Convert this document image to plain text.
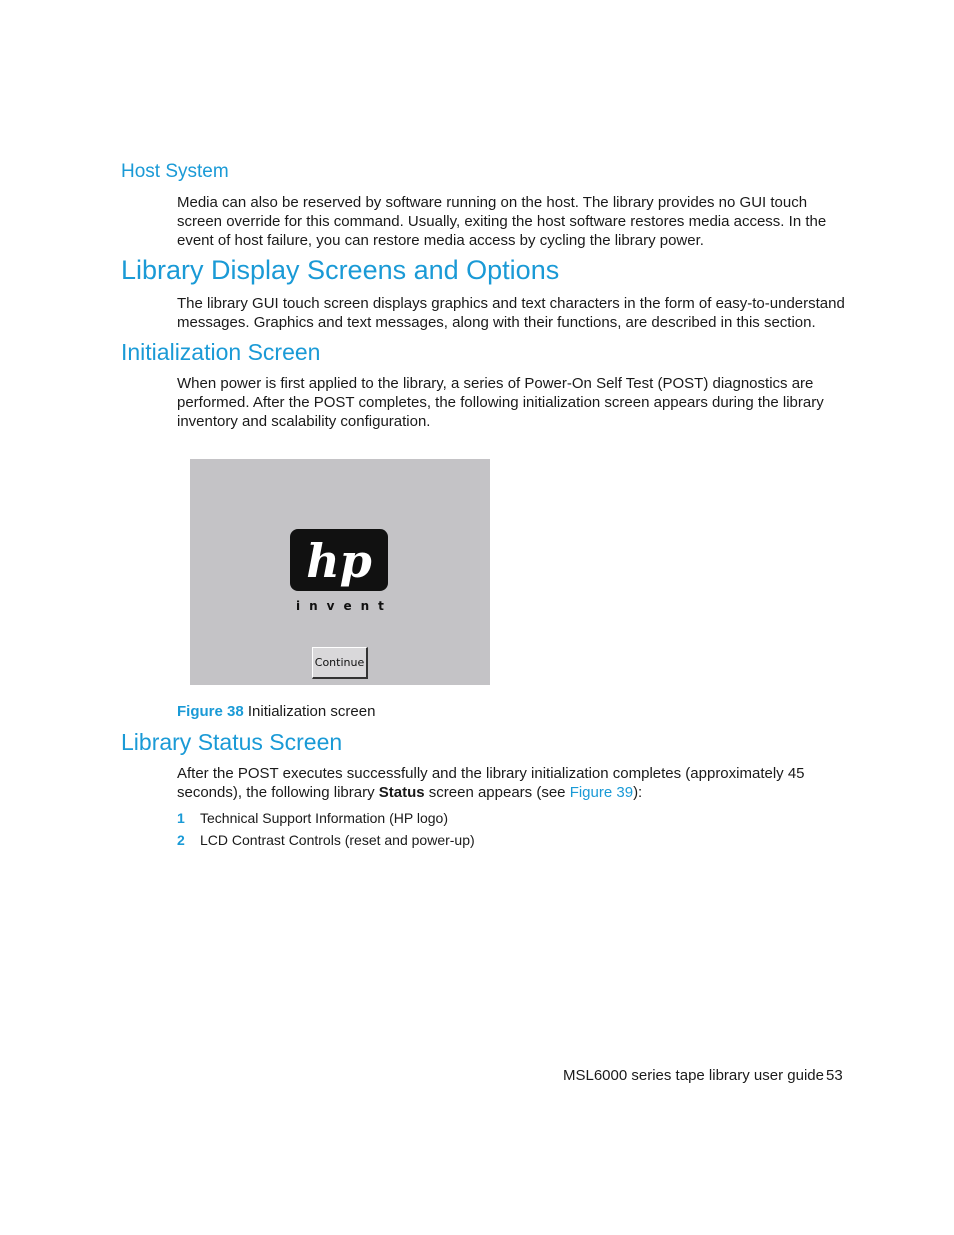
Host System

Media can also be reserved by software running on the host. The library provides no GUI touch screen override for this command. Usually, exiting the host software restores media access. In the event of host failure, you can restore media access by cycling the library power.

Library Display Screens and Options

The library GUI touch screen displays graphics and text characters in the form of easy-to-understand messages. Graphics and text messages, along with their functions, are described in this section.

Initialization Screen

When power is first applied to the library, a series of Power-On Self Test (POST) diagnostics are performed. After the POST completes, the following initialization screen appears during the library inventory and scalability configuration.

hp
invent
Continue
Figure 38 Initialization screen
Library Status Screen

After the POST executes successfully and the library initialization completes (approximately 45 seconds), the following library Status screen appears (see Figure 39):

1 Technical Support Information (HP logo)
2 LCD Contrast Controls (reset and power-up)
MSL6000 series tape library user guide 53
